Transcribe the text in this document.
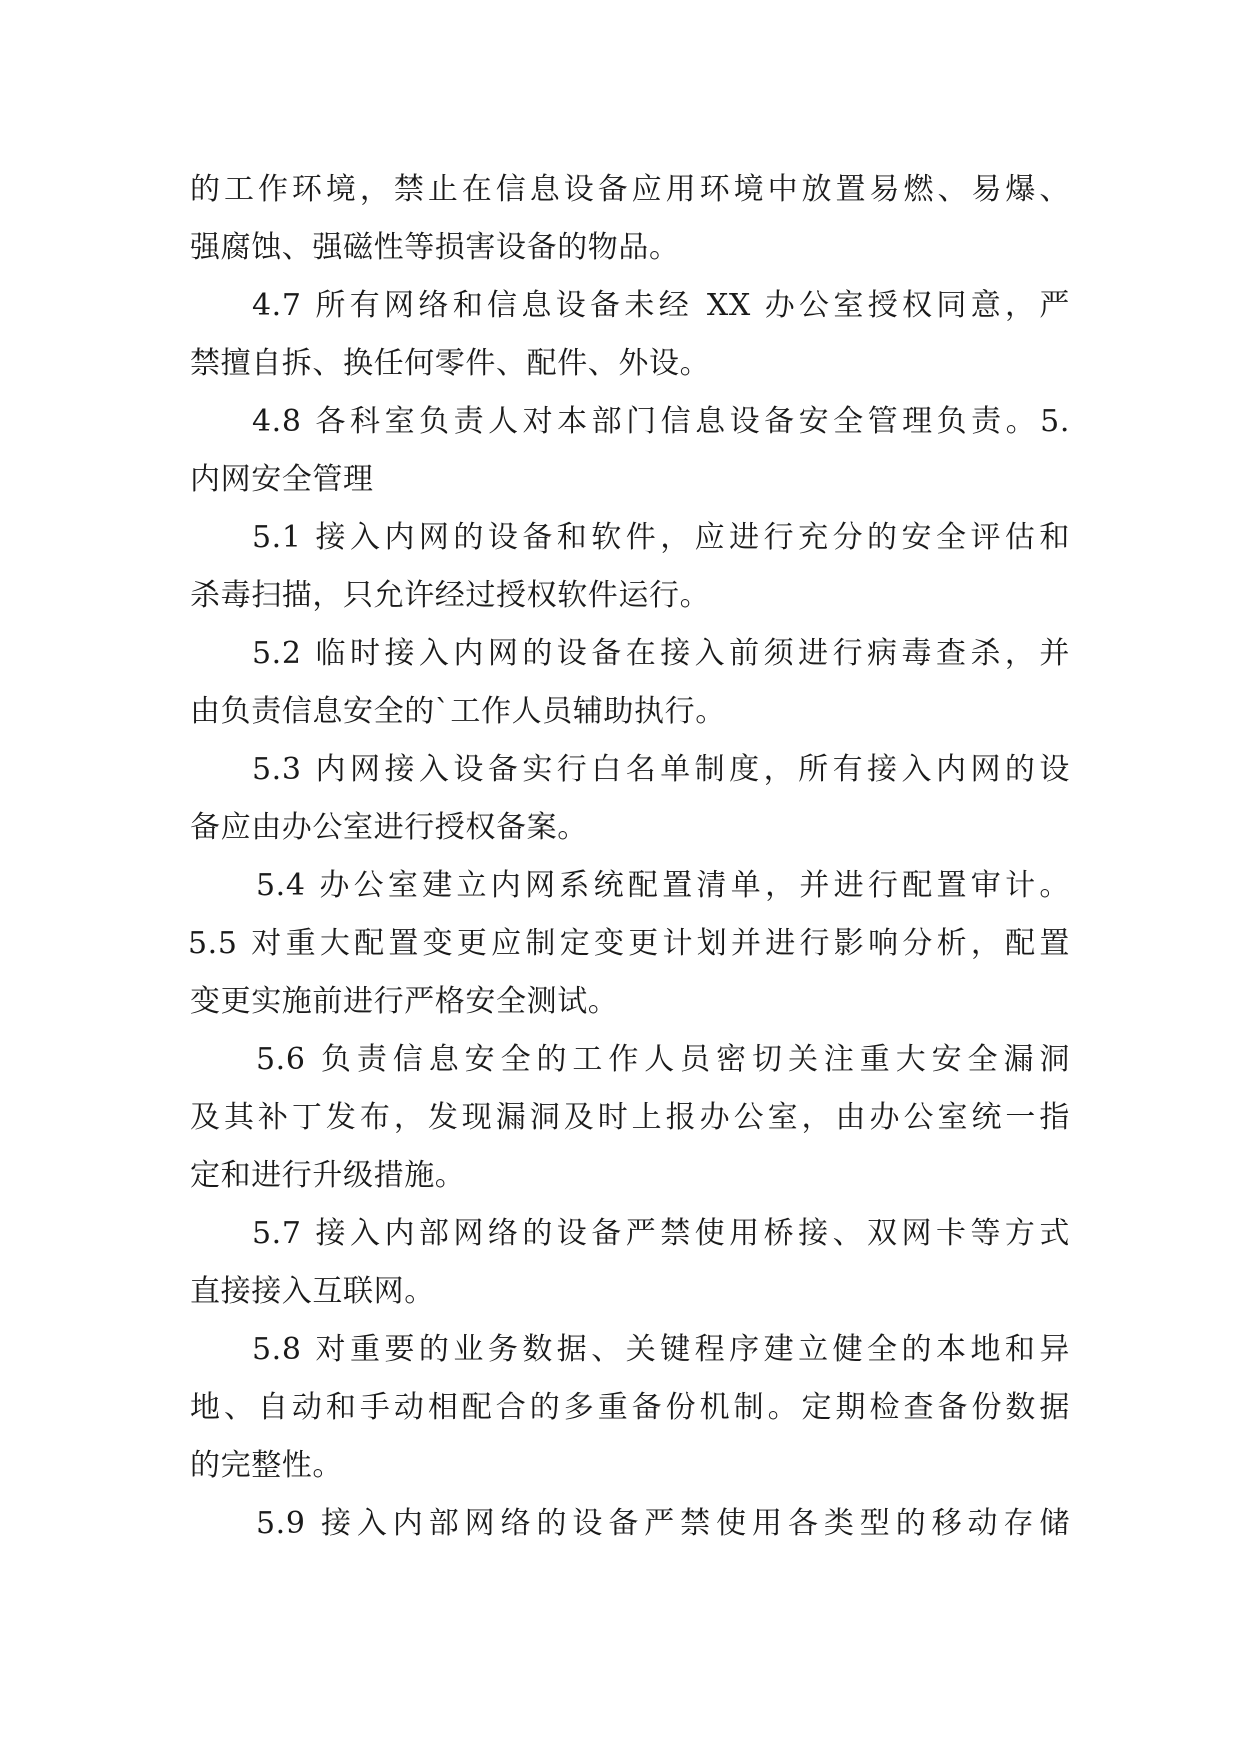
的工作环境，禁止在信息设备应用环境中放置易燃、易爆、
强腐蚀、强磁性等损害设备的物品。
4.7 所有网络和信息设备未经 XX 办公室授权同意，严
禁擅自拆、换任何零件、配件、外设。
4.8 各科室负责人对本部门信息设备安全管理负责。5.
内网安全管理
5.1 接入内网的设备和软件，应进行充分的安全评估和
杀毒扫描，只允许经过授权软件运行。
5.2 临时接入内网的设备在接入前须进行病毒查杀，并
由负责信息安全的`工作人员辅助执行。
5.3 内网接入设备实行白名单制度，所有接入内网的设
备应由办公室进行授权备案。
5.4 办公室建立内网系统配置清单，并进行配置审计。
5.5 对重大配置变更应制定变更计划并进行影响分析，配置
变更实施前进行严格安全测试。
5.6 负责信息安全的工作人员密切关注重大安全漏洞
及其补丁发布，发现漏洞及时上报办公室，由办公室统一指
定和进行升级措施。
5.7 接入内部网络的设备严禁使用桥接、双网卡等方式
直接接入互联网。
5.8 对重要的业务数据、关键程序建立健全的本地和异
地、自动和手动相配合的多重备份机制。定期检查备份数据
的完整性。
5.9 接入内部网络的设备严禁使用各类型的移动存储
